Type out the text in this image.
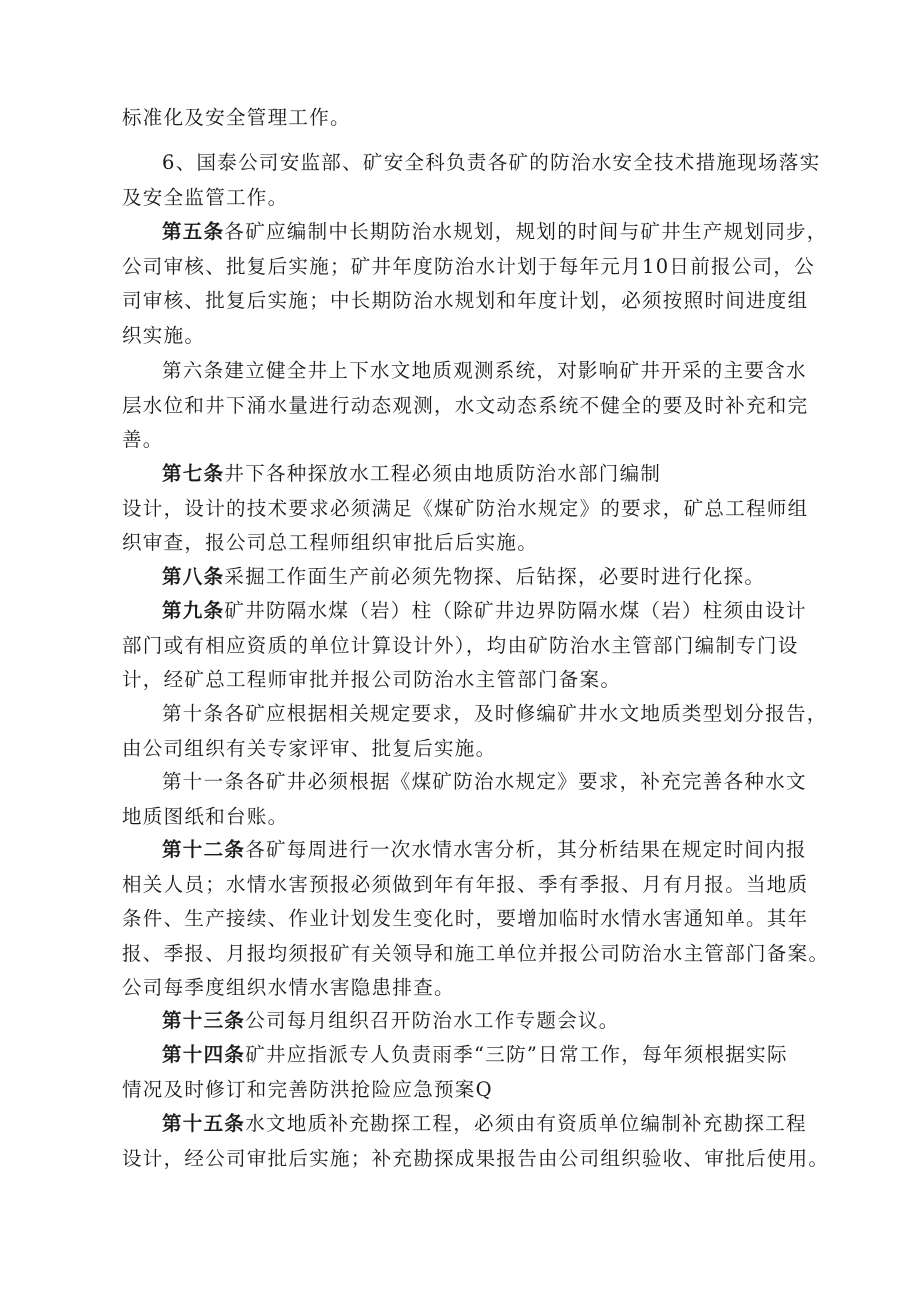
标准化及安全管理工作。

6、国泰公司安监部、矿安全科负责各矿的防治水安全技术措施现场落实
及安全监管工作。

第五条各矿应编制中长期防治水规划，规划的时间与矿井生产规划同步，
公司审核、批复后实施；矿井年度防治水计划于每年元月10日前报公司，公
司审核、批复后实施；中长期防治水规划和年度计划，必须按照时间进度组
织实施。

第六条建立健全井上下水文地质观测系统，对影响矿井开采的主要含水
层水位和井下涌水量进行动态观测，水文动态系统不健全的要及时补充和完
善。

第七条井下各种探放水工程必须由地质防治水部门编制
设计，设计的技术要求必须满足《煤矿防治水规定》的要求，矿总工程师组
织审查，报公司总工程师组织审批后后实施。

第八条采掘工作面生产前必须先物探、后钻探，必要时进行化探。

第九条矿井防隔水煤（岩）柱（除矿井边界防隔水煤（岩）柱须由设计
部门或有相应资质的单位计算设计外），均由矿防治水主管部门编制专门设
计，经矿总工程师审批并报公司防治水主管部门备案。

第十条各矿应根据相关规定要求，及时修编矿井水文地质类型划分报告，
由公司组织有关专家评审、批复后实施。

第十一条各矿井必须根据《煤矿防治水规定》要求，补充完善各种水文
地质图纸和台账。

第十二条各矿每周进行一次水情水害分析，其分析结果在规定时间内报
相关人员；水情水害预报必须做到年有年报、季有季报、月有月报。当地质
条件、生产接续、作业计划发生变化时，要增加临时水情水害通知单。其年
报、季报、月报均须报矿有关领导和施工单位并报公司防治水主管部门备案。
公司每季度组织水情水害隐患排查。

第十三条公司每月组织召开防治水工作专题会议。

第十四条矿井应指派专人负责雨季“三防”日常工作，每年须根据实际
情况及时修订和完善防洪抢险应急预案Q

第十五条水文地质补充勘探工程，必须由有资质单位编制补充勘探工程
设计，经公司审批后实施；补充勘探成果报告由公司组织验收、审批后使用。
